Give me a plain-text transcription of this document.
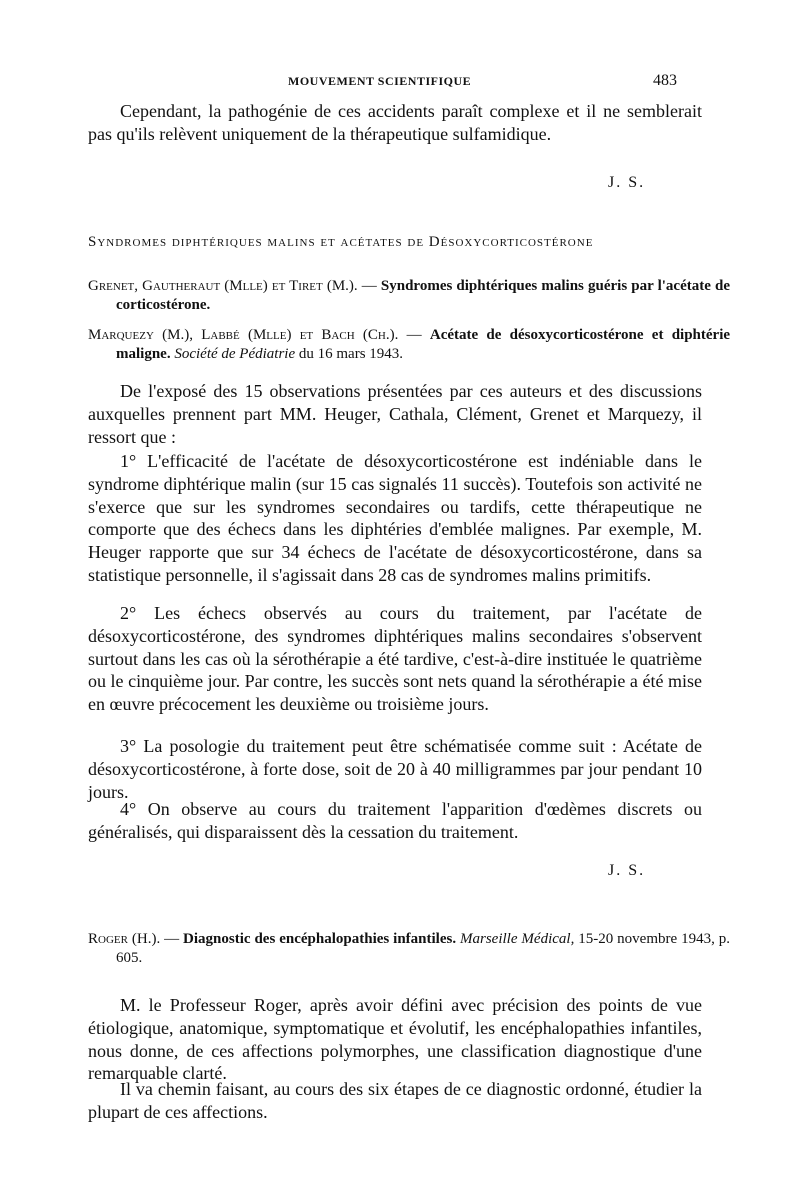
MOUVEMENT SCIENTIFIQUE	483

Cependant, la pathogénie de ces accidents paraît complexe et il ne semblerait pas qu'ils relèvent uniquement de la thérapeutique sulfamidique.

J. S.
Syndromes diphtériques malins et acétates de Désoxycorticostérone

Grenet, Gautheraut (Mlle) et Tiret (M.). — Syndromes diphtériques malins guéris par l'acétate de corticostérone.

Marquezy (M.), Labbé (Mlle) et Bach (Ch.). — Acétate de désoxycorticostérone et diphtérie maligne. Société de Pédiatrie du 16 mars 1943.

De l'exposé des 15 observations présentées par ces auteurs et des discussions auxquelles prennent part MM. Heuger, Cathala, Clément, Grenet et Marquezy, il ressort que :

1° L'efficacité de l'acétate de désoxycorticostérone est indéniable dans le syndrome diphtérique malin (sur 15 cas signalés 11 succès). Toutefois son activité ne s'exerce que sur les syndromes secondaires ou tardifs, cette thérapeutique ne comporte que des échecs dans les diphtéries d'emblée malignes. Par exemple, M. Heuger rapporte que sur 34 échecs de l'acétate de désoxycorticostérone, dans sa statistique personnelle, il s'agissait dans 28 cas de syndromes malins primitifs.

2° Les échecs observés au cours du traitement, par l'acétate de désoxycorticostérone, des syndromes diphtériques malins secondaires s'observent surtout dans les cas où la sérothérapie a été tardive, c'est-à-dire instituée le quatrième ou le cinquième jour. Par contre, les succès sont nets quand la sérothérapie a été mise en œuvre précocement les deuxième ou troisième jours.

3° La posologie du traitement peut être schématisée comme suit : Acétate de désoxycorticostérone, à forte dose, soit de 20 à 40 milligrammes par jour pendant 10 jours.

4° On observe au cours du traitement l'apparition d'œdèmes discrets ou généralisés, qui disparaissent dès la cessation du traitement.

J. S.

Roger (H.). — Diagnostic des encéphalopathies infantiles. Marseille Médical, 15-20 novembre 1943, p. 605.

M. le Professeur Roger, après avoir défini avec précision des points de vue étiologique, anatomique, symptomatique et évolutif, les encéphalopathies infantiles, nous donne, de ces affections polymorphes, une classification diagnostique d'une remarquable clarté.

Il va chemin faisant, au cours des six étapes de ce diagnostic ordonné, étudier la plupart de ces affections.
